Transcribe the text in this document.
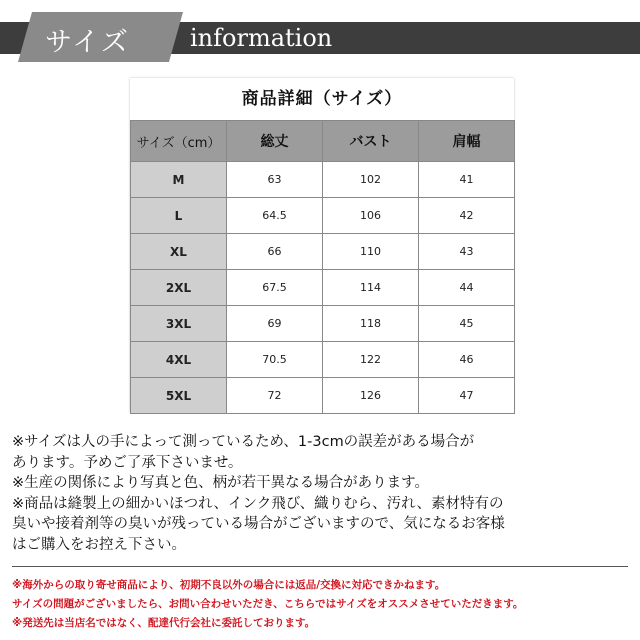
サイズ	information
商品詳細（サイズ）
サイズ（cm）	総丈	バスト	肩幅
M	63	102	41
L	64.5	106	42
XL	66	110	43
2XL	67.5	114	44
3XL	69	118	45
4XL	70.5	122	46
5XL	72	126	47

※サイズは人の手によって測っているため、1-3cmの誤差がある場合が

あります。予めご了承下さいませ。

※生産の関係により写真と色、柄が若干異なる場合があります。

※商品は縫製上の細かいほつれ、インク飛び、織りむら、汚れ、素材特有の

臭いや接着剤等の臭いが残っている場合がございますので、気になるお客様

はご購入をお控え下さい。

※海外からの取り寄せ商品により、初期不良以外の場合には返品/交換に対応できかねます。

サイズの問題がございましたら、お問い合わせいただき、こちらではサイズをオススメさせていただきます。

※発送先は当店名ではなく、配達代行会社に委託しております。
